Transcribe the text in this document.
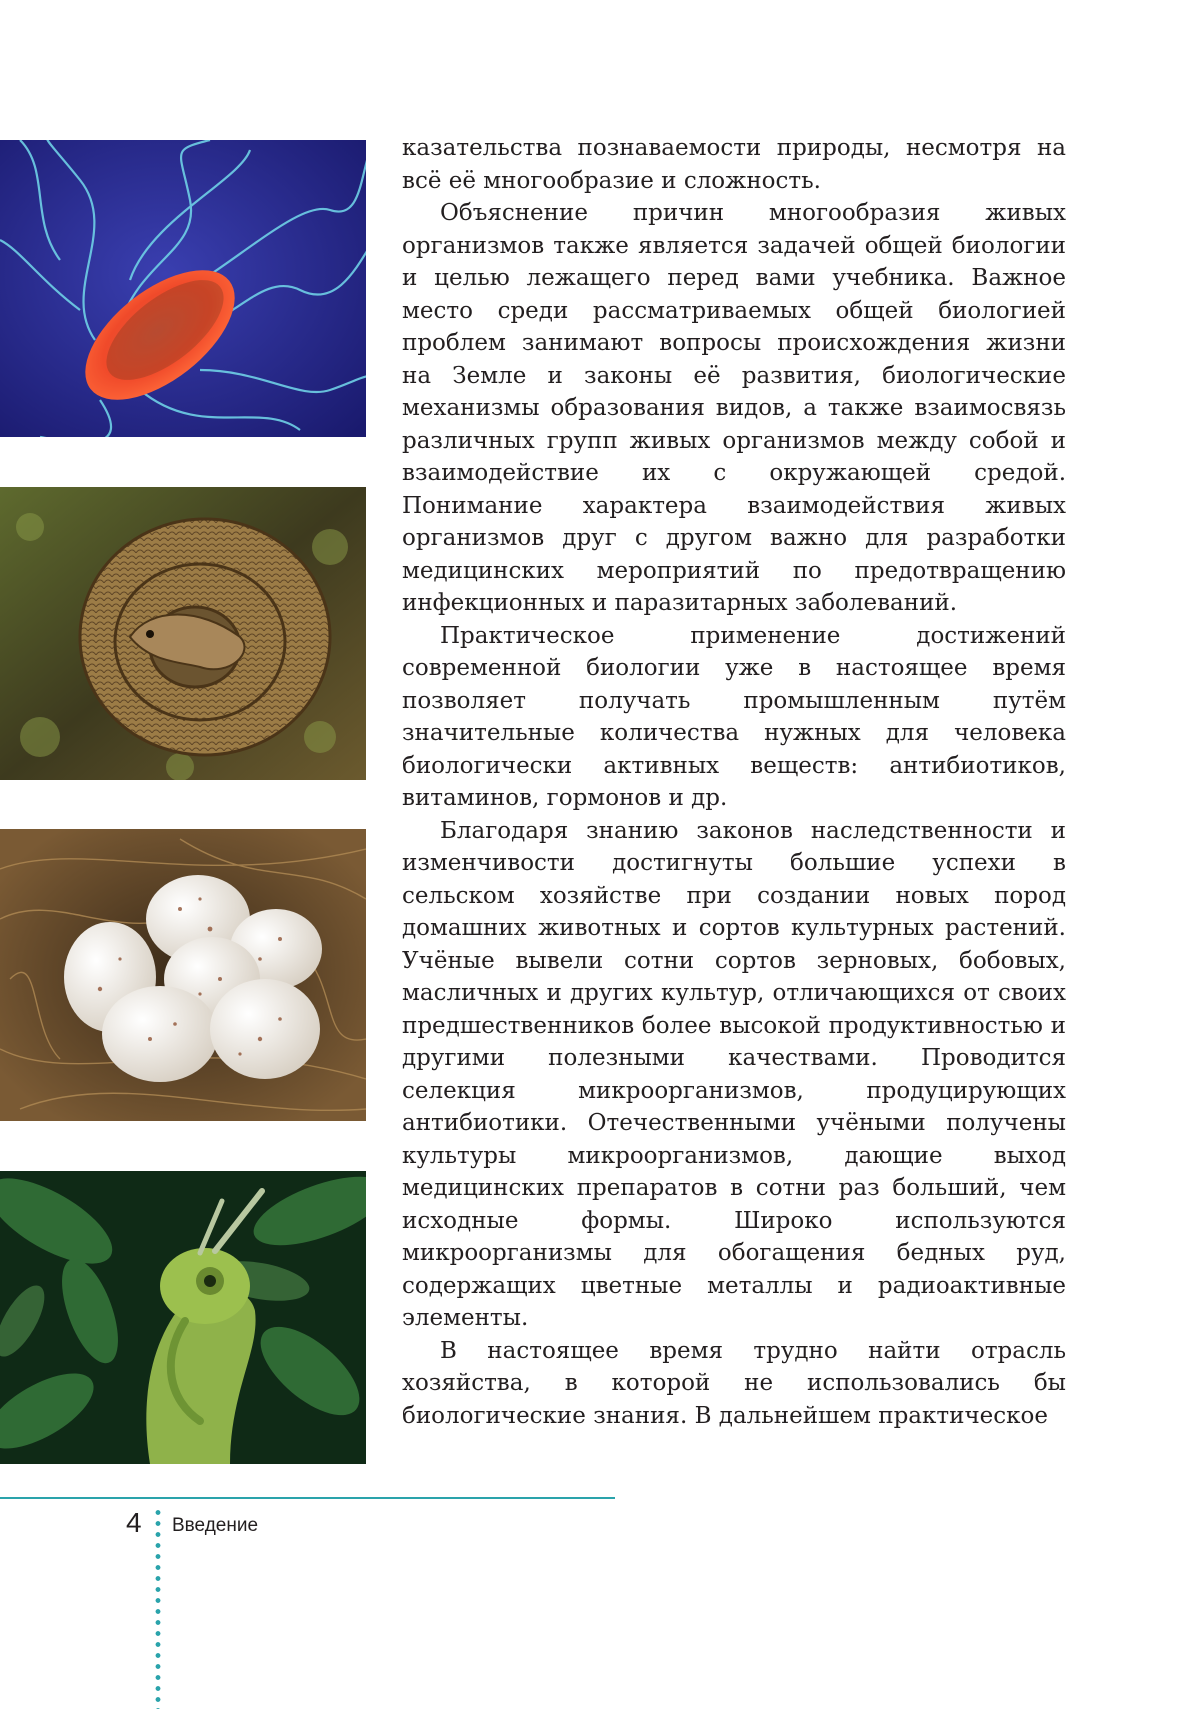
казательства познаваемости природы, несмотря на всё её многообразие и сложность.

Объяснение причин многообразия живых организмов также является задачей общей биологии и целью лежащего перед вами учебника. Важное место среди рассматриваемых общей биологией проблем занимают вопросы происхождения жизни на Земле и законы её развития, биологические механизмы образования видов, а также взаимосвязь различных групп живых организмов между собой и взаимодействие их с окружающей средой. Понимание характера взаимодействия живых организмов друг с другом важно для разработки медицинских мероприятий по предотвращению инфекционных и паразитарных заболеваний.

Практическое применение достижений современной биологии уже в настоящее время позволяет получать промышленным путём значительные количества нужных для человека биологически активных веществ: антибиотиков, витаминов, гормонов и др.

Благодаря знанию законов наследственности и изменчивости достигнуты большие успехи в сельском хозяйстве при создании новых пород домашних животных и сортов культурных растений. Учёные вывели сотни сортов зерновых, бобовых, масличных и других культур, отличающихся от своих предшественников более высокой продуктивностью и другими полезными качествами. Проводится селекция микроорганизмов, продуцирующих антибиотики. Отечественными учёными получены культуры микроорганизмов, дающие выход медицинских препаратов в сотни раз больший, чем исходные формы. Широко используются микроорганизмы для обогащения бедных руд, содержащих цветные металлы и радиоактивные элементы.

В настоящее время трудно найти отрасль хозяйства, в которой не использовались бы биологические знания. В дальнейшем практическое

4 Введение
